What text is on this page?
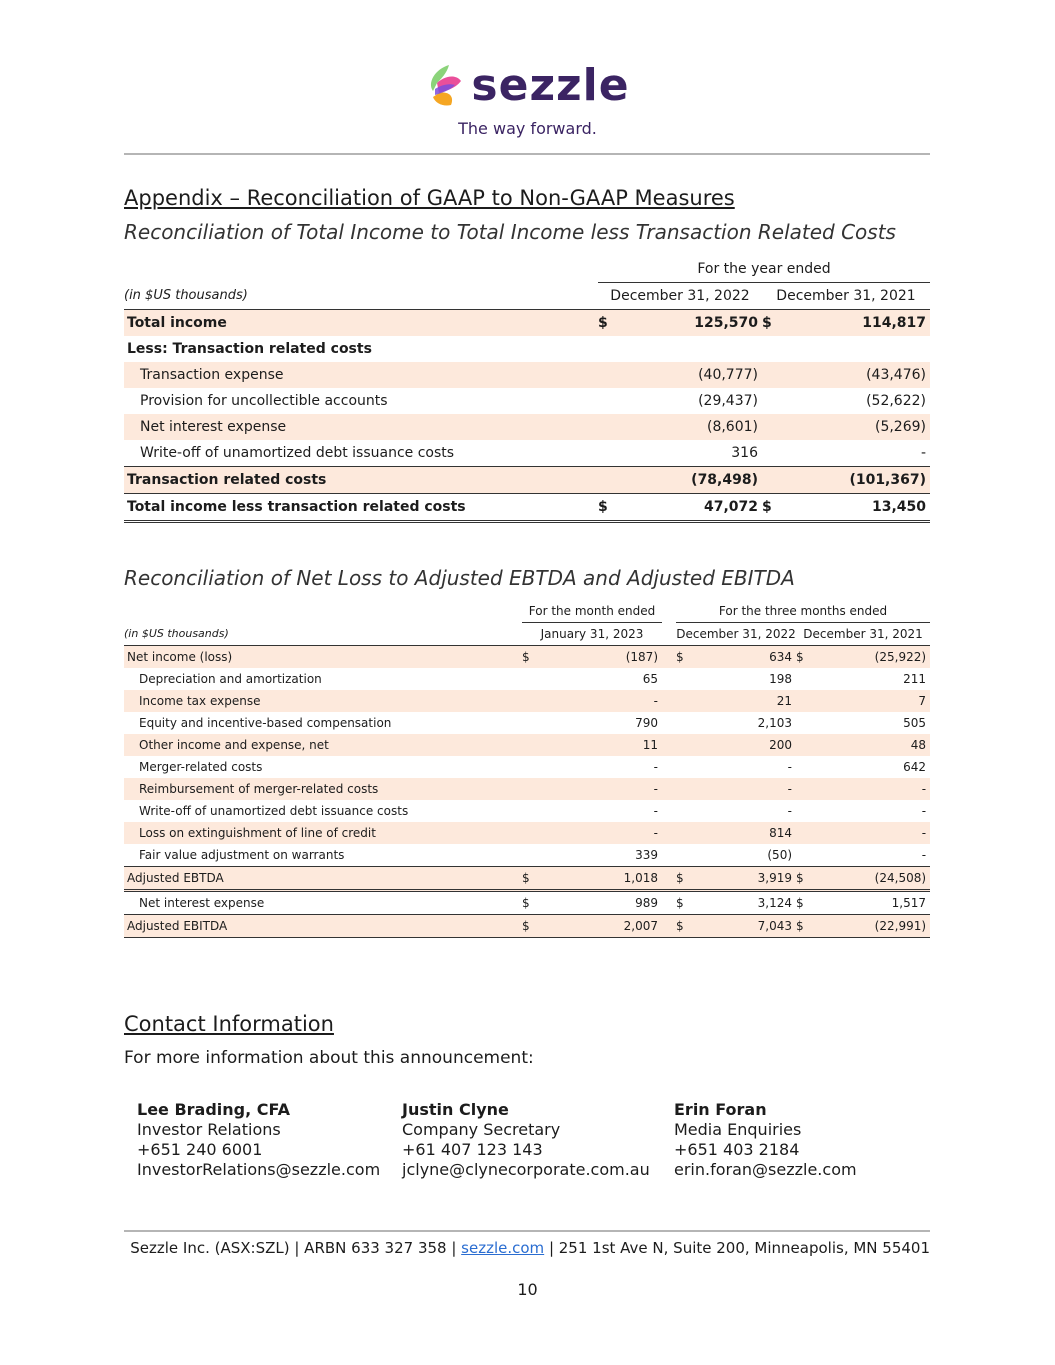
sezzle
The way forward.
Appendix – Reconciliation of GAAP to Non-GAAP Measures
Reconciliation of Total Income to Total Income less Transaction Related Costs
	For the year ended			
(in $US thousands)	December 31, 2022		December 31, 2021	
Total income	$	125,570	$	114,817
Less: Transaction related costs				
Transaction expense		(40,777)		(43,476)
Provision for uncollectible accounts		(29,437)		(52,622)
Net interest expense		(8,601)		(5,269)
Write-off of unamortized debt issuance costs		316		-
Transaction related costs		(78,498)		(101,367)
Total income less transaction related costs	$	47,072	$	13,450
Reconciliation of Net Loss to Adjusted EBTDA and Adjusted EBITDA
	For the month ended			For the three months ended			
(in $US thousands)	January 31, 2023			December 31, 2022		December 31, 2021	
Net income (loss)	$	(187)		$	634	$	(25,922)
Depreciation and amortization		65			198		211
Income tax expense		-			21		7
Equity and incentive-based compensation		790			2,103		505
Other income and expense, net		11			200		48
Merger-related costs		-			-		642
Reimbursement of merger-related costs		-			-		-
Write-off of unamortized debt issuance costs		-			-		-
Loss on extinguishment of line of credit		-			814		-
Fair value adjustment on warrants		339			(50)		-
Adjusted EBTDA	$	1,018		$	3,919	$	(24,508)
Net interest expense	$	989		$	3,124	$	1,517
Adjusted EBITDA	$	2,007		$	7,043	$	(22,991)
Contact Information
For more information about this announcement:
Lee Brading, CFA
Investor Relations
+651 240 6001
InvestorRelations@sezzle.com
Justin Clyne
Company Secretary
+61 407 123 143
jclyne@clynecorporate.com.au
Erin Foran
Media Enquiries
+651 403 2184
erin.foran@sezzle.com
Sezzle Inc. (ASX:SZL) | ARBN 633 327 358 | sezzle.com | 251 1st Ave N, Suite 200, Minneapolis, MN 55401
10
